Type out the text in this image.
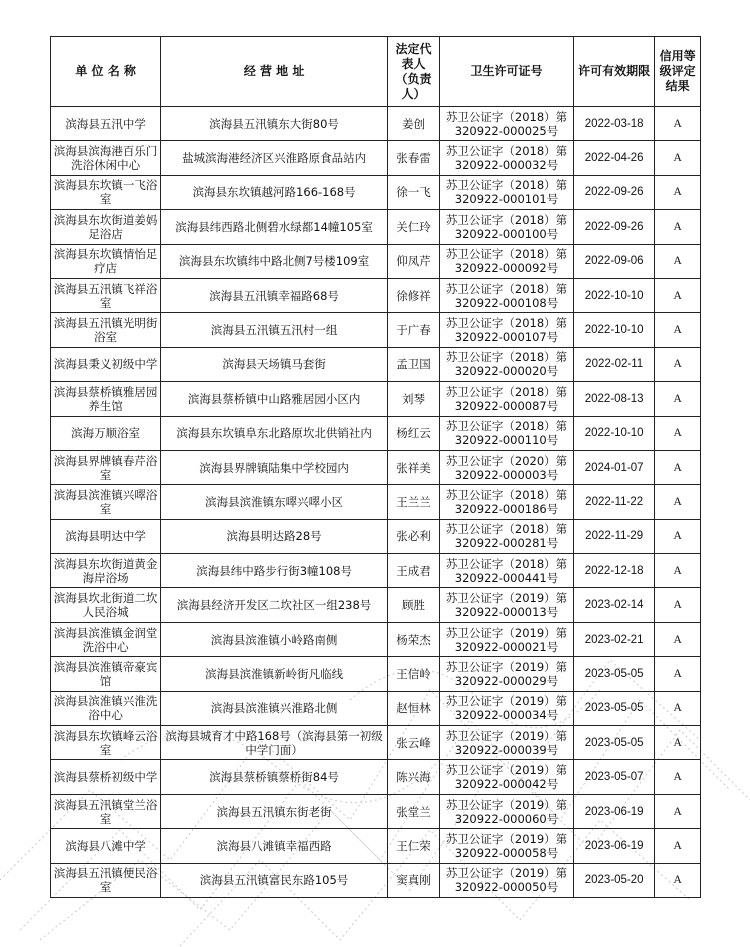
单 位 名 称	经 营 地 址	法定代表人（负责人）	卫生许可证号	许可有效期限	信用等级评定结果
滨海县五汛中学	滨海县五汛镇东大街80号	姜创	苏卫公证字（2018）第320922-000025号	2022-03-18	A
滨海县滨海港百乐门洗浴休闲中心	盐城滨海港经济区兴淮路原食品站内	张春雷	苏卫公证字（2018）第320922-000032号	2022-04-26	A
滨海县东坎镇一飞浴室	滨海县东坎镇越河路166-168号	徐一飞	苏卫公证字（2018）第320922-000101号	2022-09-26	A
滨海县东坎街道姜妈足浴店	滨海县纬西路北侧碧水绿都14幢105室	关仁玲	苏卫公证字（2018）第320922-000100号	2022-09-26	A
滨海县东坎镇情怡足疗店	滨海县东坎镇纬中路北侧7号楼109室	仰凤芹	苏卫公证字（2018）第320922-000092号	2022-09-06	A
滨海县五汛镇飞祥浴室	滨海县五汛镇幸福路68号	徐修祥	苏卫公证字（2018）第320922-000108号	2022-10-10	A
滨海县五汛镇光明街浴室	滨海县五汛镇五汛村一组	于广春	苏卫公证字（2018）第320922-000107号	2022-10-10	A
滨海县秉义初级中学	滨海县天场镇马套街	孟卫国	苏卫公证字（2018）第320922-000020号	2022-02-11	A
滨海县蔡桥镇雅居园养生馆	滨海县蔡桥镇中山路雅居园小区内	刘琴	苏卫公证字（2018）第320922-000087号	2022-08-13	A
滨海万顺浴室	滨海县东坎镇阜东北路原坎北供销社内	杨红云	苏卫公证字（2018）第320922-000110号	2022-10-10	A
滨海县界牌镇春芹浴室	滨海县界牌镇陆集中学校园内	张祥美	苏卫公证字（2020）第320922-000003号	2024-01-07	A
滨海县滨淮镇兴噿浴室	滨海县滨淮镇东噿兴噿小区	王兰兰	苏卫公证字（2018）第320922-000186号	2022-11-22	A
滨海县明达中学	滨海县明达路28号	张必利	苏卫公证字（2018）第320922-000281号	2022-11-29	A
滨海县东坎街道黄金海岸浴场	滨海县纬中路步行街3幢108号	王成君	苏卫公证字（2018）第320922-000441号	2022-12-18	A
滨海县坎北街道二坎人民浴城	滨海县经济开发区二坎社区一组238号	顾胜	苏卫公证字（2019）第320922-000013号	2023-02-14	A
滨海县滨淮镇金润堂洗浴中心	滨海县滨淮镇小岭路南侧	杨荣杰	苏卫公证字（2019）第320922-000021号	2023-02-21	A
滨海县滨淮镇帝豪宾馆	滨海县滨淮镇新岭街凡临线	王信岭	苏卫公证字（2019）第320922-000029号	2023-05-05	A
滨海县滨淮镇兴淮洗浴中心	滨海县滨淮镇兴淮路北侧	赵恒林	苏卫公证字（2019）第320922-000034号	2023-05-05	A
滨海县东坎镇峰云浴室	滨海县城育才中路168号（滨海县第一初级中学门面）	张云峰	苏卫公证字（2019）第320922-000039号	2023-05-05	A
滨海县蔡桥初级中学	滨海县蔡桥镇蔡桥街84号	陈兴海	苏卫公证字（2019）第320922-000042号	2023-05-07	A
滨海县五汛镇堂兰浴室	滨海县五汛镇东街老街	张堂兰	苏卫公证字（2019）第320922-000060号	2023-06-19	A
滨海县八滩中学	滨海县八滩镇幸福西路	王仁荣	苏卫公证字（2019）第320922-000058号	2023-06-19	A
滨海县五汛镇便民浴室	滨海县五汛镇富民东路105号	窦真刚	苏卫公证字（2019）第320922-000050号	2023-05-20	A
